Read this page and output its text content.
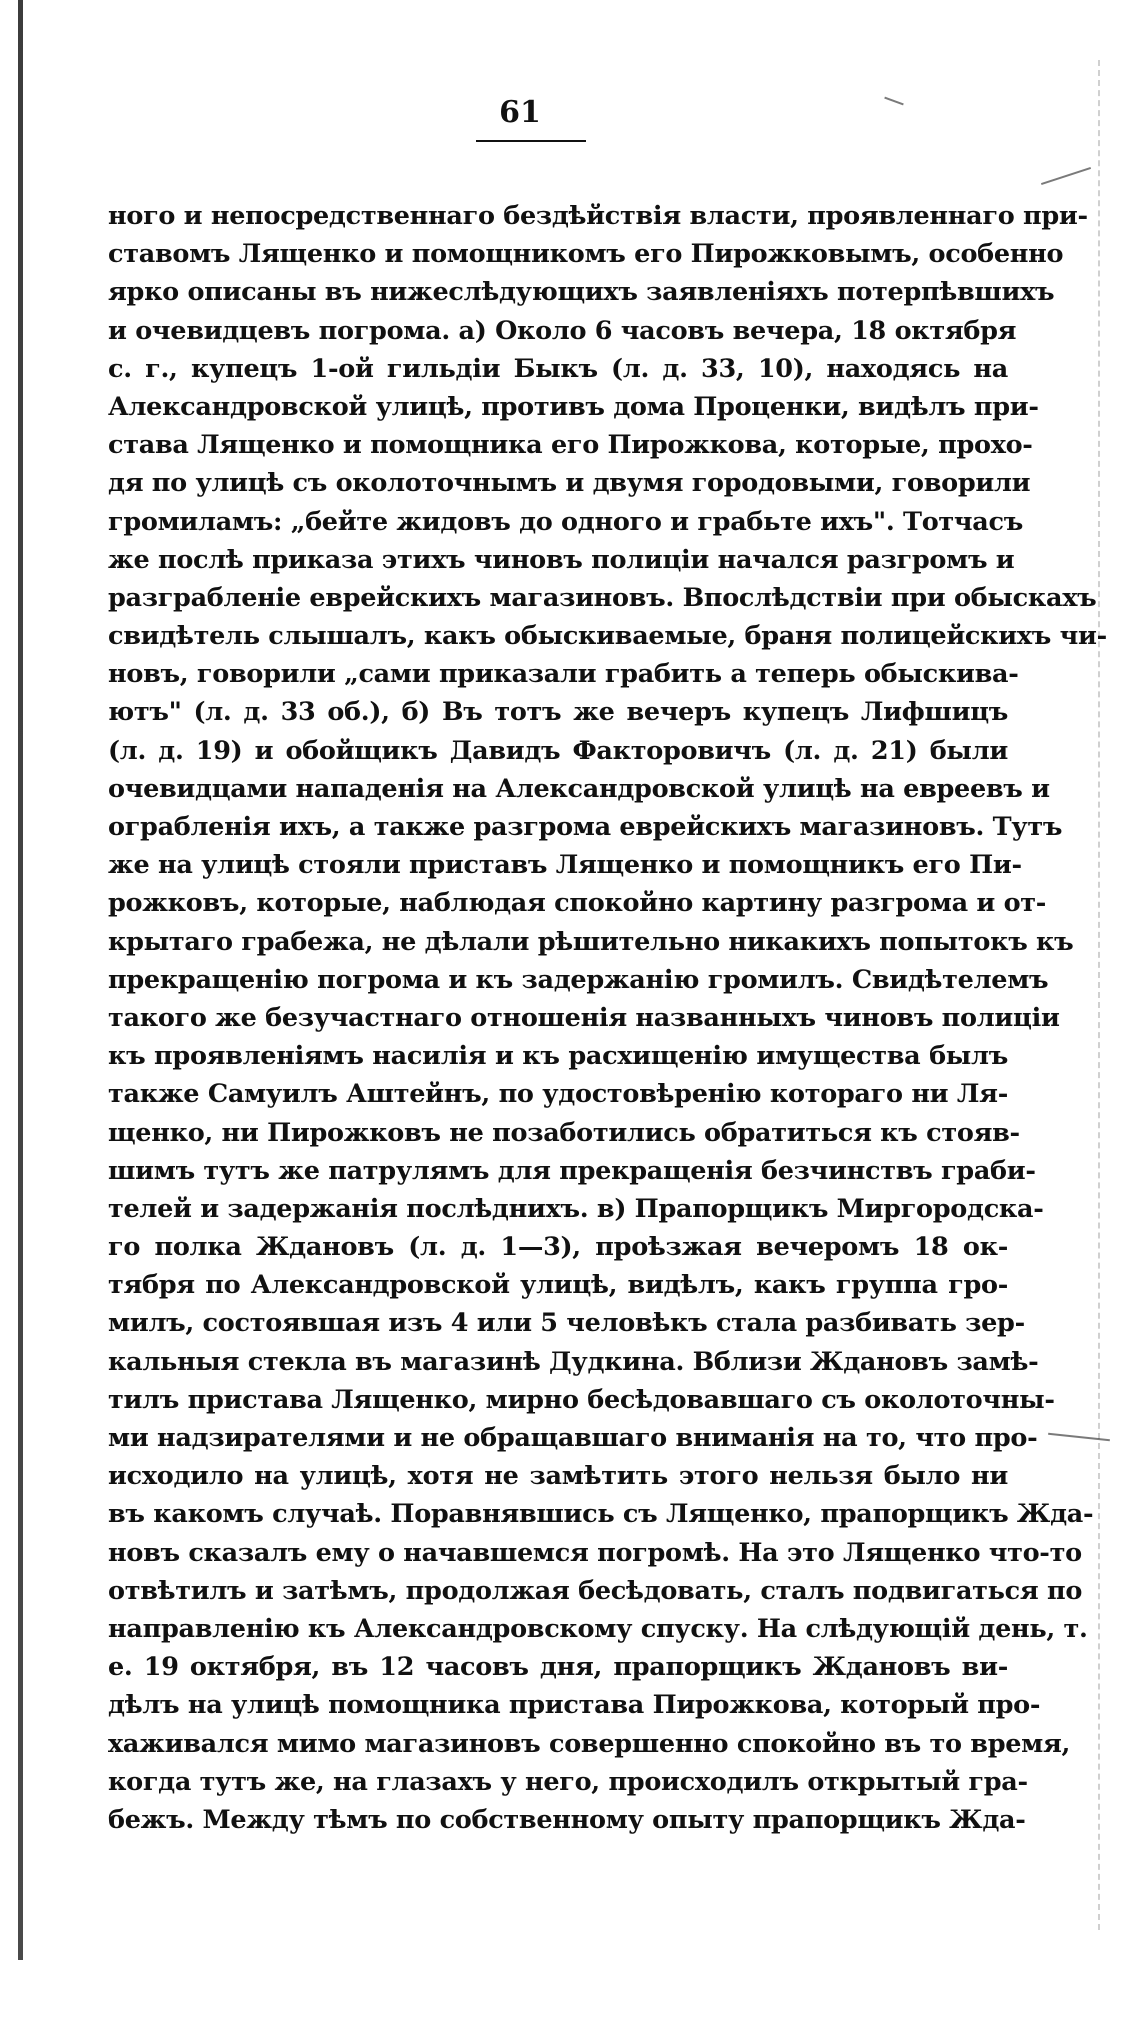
61
ного и непосредственнаго бездѣйствія власти, проявленнаго при-
ставомъ Лященко и помощникомъ его Пирожковымъ, особенно
ярко описаны въ нижеслѣдующихъ заявленіяхъ потерпѣвшихъ
и очевидцевъ погрома. а) Около 6 часовъ вечера, 18 октября
с. г., купецъ 1-ой гильдіи Быкъ (л. д. 33, 10), находясь на
Александровской улицѣ, противъ дома Проценки, видѣлъ при-
става Лященко и помощника его Пирожкова, которые, прохо-
дя по улицѣ съ околоточнымъ и двумя городовыми, говорили
громиламъ: „бейте жидовъ до одного и грабьте ихъ". Тотчасъ
же послѣ приказа этихъ чиновъ полиціи начался разгромъ и
разграбленіе еврейскихъ магазиновъ. Впослѣдствіи при обыскахъ
свидѣтель слышалъ, какъ обыскиваемые, браня полицейскихъ чи-
новъ, говорили „сами приказали грабить а теперь обыскива-
ютъ" (л. д. 33 об.), б) Въ тотъ же вечеръ купецъ Лифшицъ
(л. д. 19) и обойщикъ Давидъ Факторовичъ (л. д. 21) были
очевидцами нападенія на Александровской улицѣ на евреевъ и
ограбленія ихъ, а также разгрома еврейскихъ магазиновъ. Тутъ
же на улицѣ стояли приставъ Лященко и помощникъ его Пи-
рожковъ, которые, наблюдая спокойно картину разгрома и от-
крытаго грабежа, не дѣлали рѣшительно никакихъ попытокъ къ
прекращенію погрома и къ задержанію громилъ. Свидѣтелемъ
такого же безучастнаго отношенія названныхъ чиновъ полиціи
къ проявленіямъ насилія и къ расхищенію имущества былъ
также Самуилъ Аштейнъ, по удостовѣренію котораго ни Ля-
щенко, ни Пирожковъ не позаботились обратиться къ стояв-
шимъ тутъ же патрулямъ для прекращенія безчинствъ граби-
телей и задержанія послѣднихъ. в) Прапорщикъ Миргородска-
го полка Ждановъ (л. д. 1—3), проѣзжая вечеромъ 18 ок-
тября по Александровской улицѣ, видѣлъ, какъ группа гро-
милъ, состоявшая изъ 4 или 5 человѣкъ стала разбивать зер-
кальныя стекла въ магазинѣ Дудкина. Вблизи Ждановъ замѣ-
тилъ пристава Лященко, мирно бесѣдовавшаго съ околоточны-
ми надзирателями и не обращавшаго вниманія на то, что про-
исходило на улицѣ, хотя не замѣтить этого нельзя было ни
въ какомъ случаѣ. Поравнявшись съ Лященко, прапорщикъ Жда-
новъ сказалъ ему о начавшемся погромѣ. На это Лященко что-то
отвѣтилъ и затѣмъ, продолжая бесѣдовать, сталъ подвигаться по
направленію къ Александровскому спуску. На слѣдующій день, т.
е. 19 октября, въ 12 часовъ дня, прапорщикъ Ждановъ ви-
дѣлъ на улицѣ помощника пристава Пирожкова, который про-
хаживался мимо магазиновъ совершенно спокойно въ то время,
когда тутъ же, на глазахъ у него, происходилъ открытый гра-
бежъ. Между тѣмъ по собственному опыту прапорщикъ Жда-
